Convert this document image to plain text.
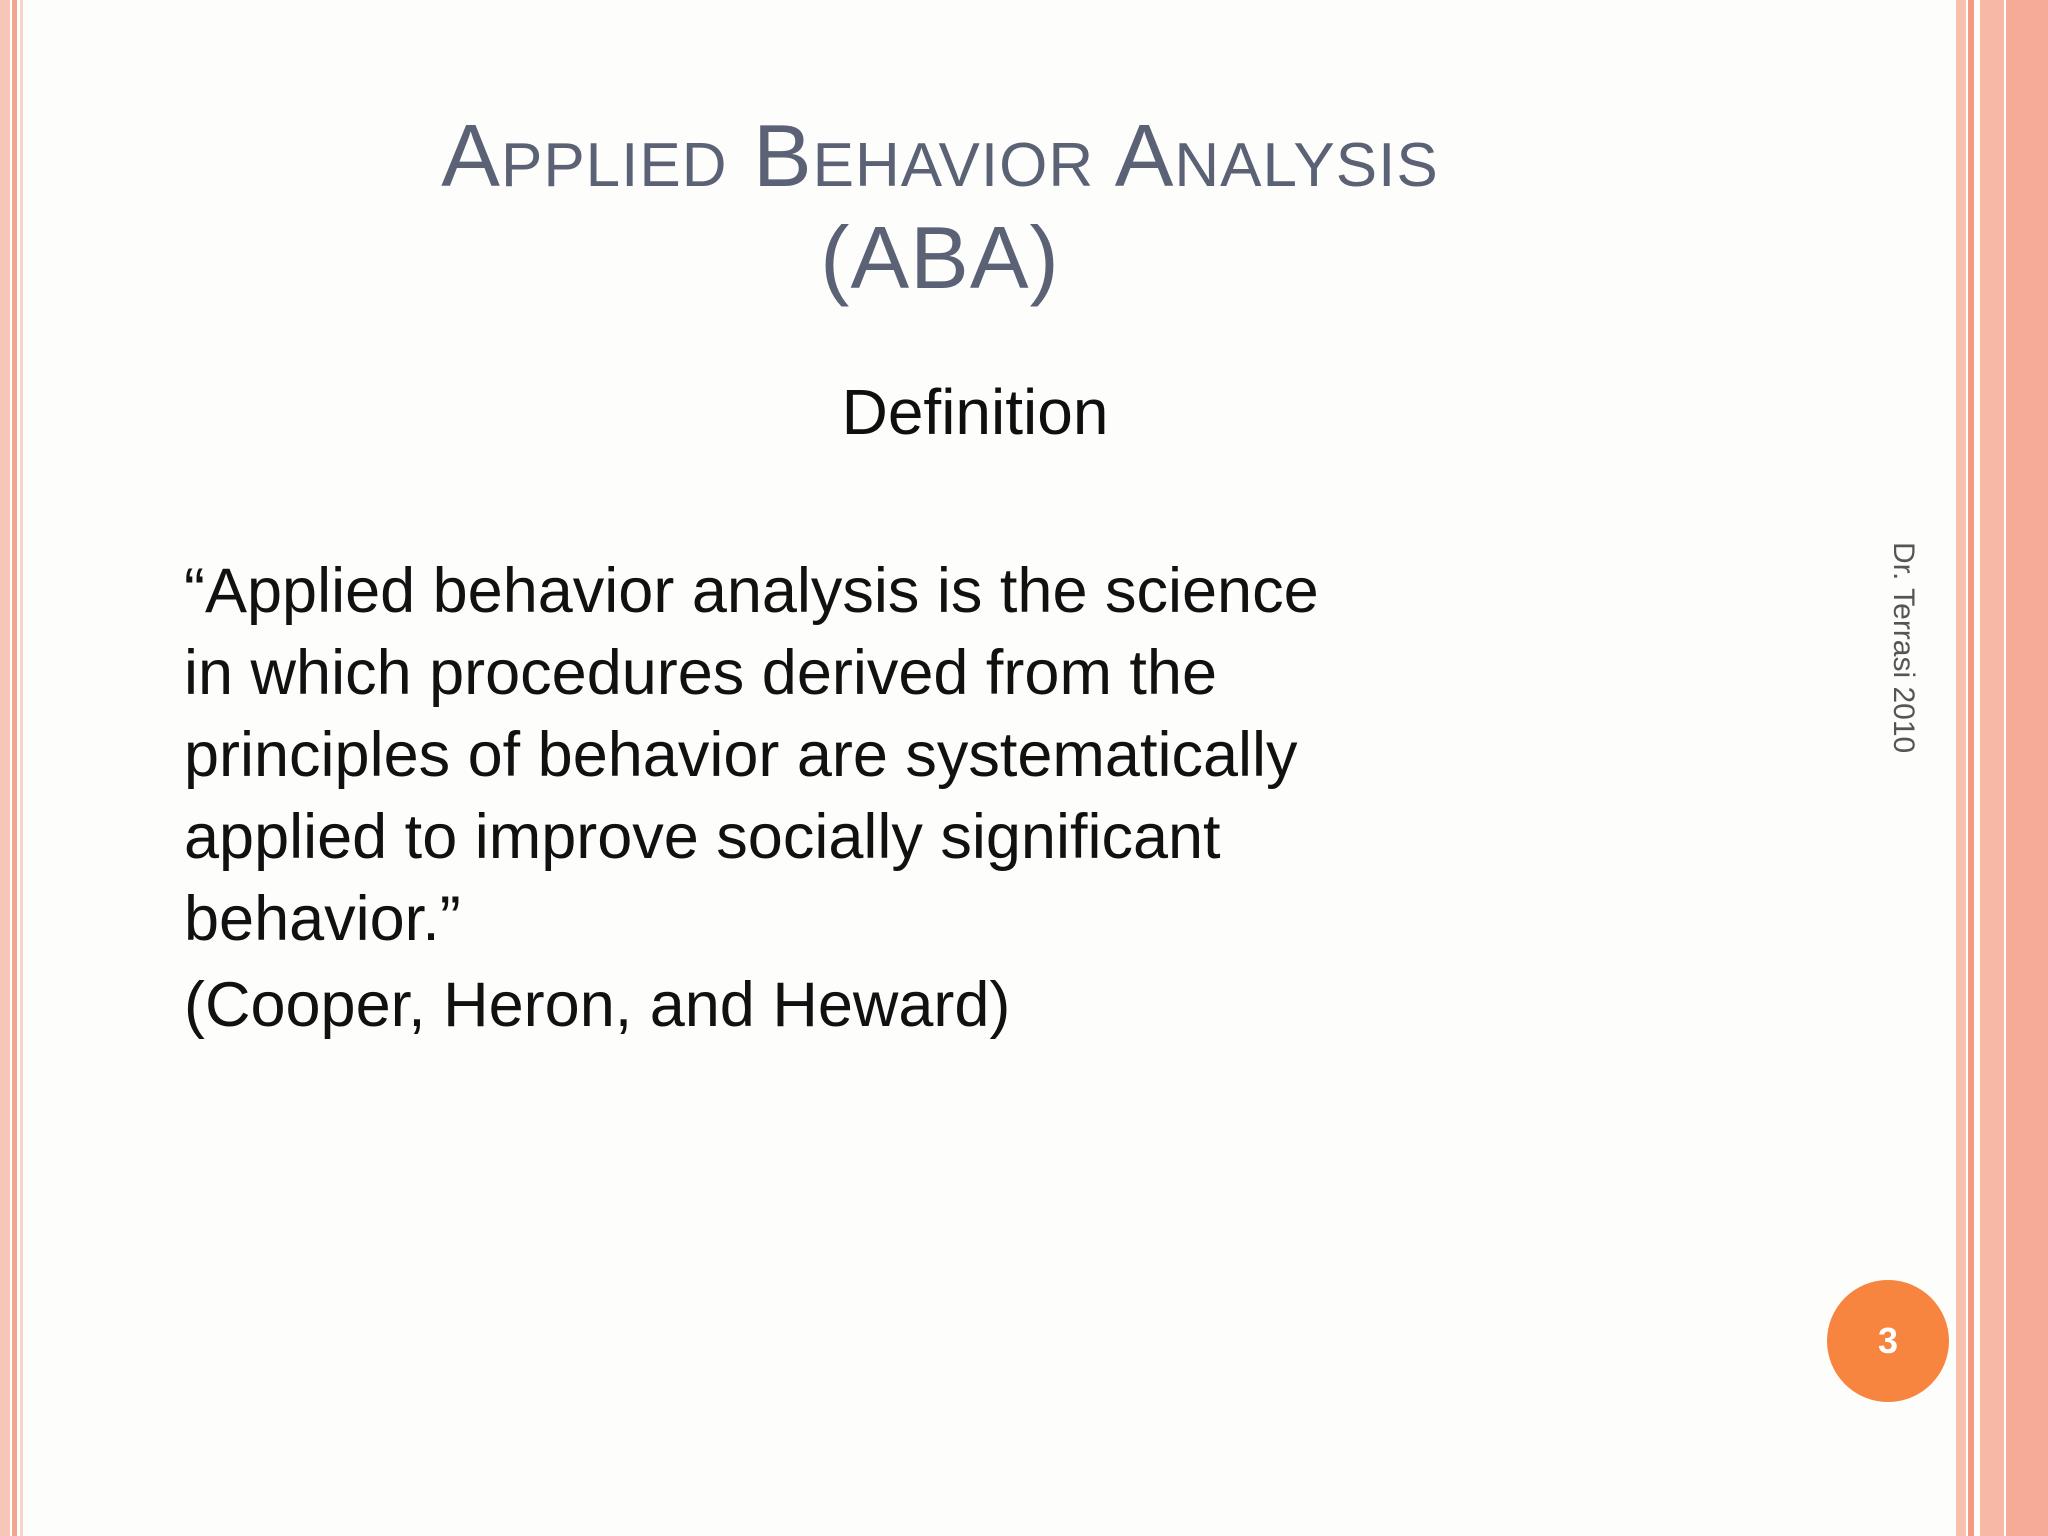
Applied Behavior Analysis
(ABA)
Definition
“Applied behavior analysis is the science
in which procedures derived from the
principles of behavior are systematically
applied to improve socially significant
behavior.”
(Cooper, Heron, and Heward)
Dr. Terrasi 2010
3
